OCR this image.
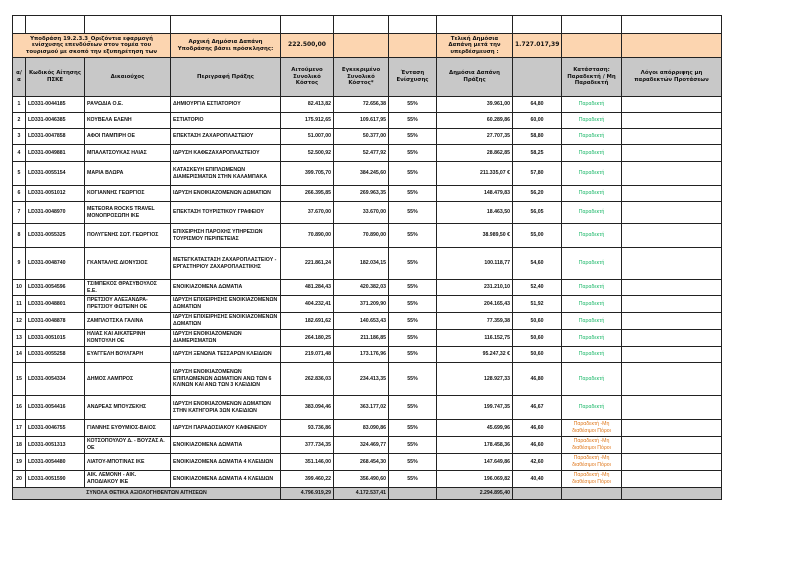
Υποδράση 19.2.3.3_Οριζόντια εφαρμογή ενίσχυσης επενδύσεων στον τομέα του τουρισμού με σκοπό την εξυπηρέτηση των			Αρχική Δημόσια Δαπάνη Υποδράσης βάσει πρόσκλησης:	222.500,00			Τελική Δημόσια Δαπάνη μετά την υπερδέσμευση :	1.727.017,39		
α/α	Κωδικός Αίτησης ΠΣΚΕ	Δικαιούχος	Περιγραφή Πράξης	Αιτούμενο Συνολικό Κόστος	Εγκεκριμένο Συνολικό Κόστος*	Ένταση Ενίσχυσης	Δημόσια Δαπάνη Πράξης		Κατάσταση: Παραδεκτή / Μη Παραδεκτή	Λόγοι απόρριψης μη παραδεκτών Προτάσεων
1	LD331-0044185	ΡΑΨΩΔΙΑ Ο.Ε.	ΔΗΜΙΟΥΡΓΙΑ ΕΣΤΙΑΤΟΡΙΟΥ	82.413,82	72.656,38	55%	39.961,00	64,80	Παραδεκτή	
2	LD331-0046385	ΚΟΥΒΕΛΑ ΕΛΕΝΗ	ΕΣΤΙΑΤΟΡΙΟ	175.912,65	109.617,95	55%	60.289,86	60,00	Παραδεκτή	
3	LD331-0047858	ΑΦΟΙ ΠΑΜΠΙΡΗ ΟΕ	ΕΠΕΚΤΑΣΗ ΖΑΧΑΡΟΠΛΑΣΤΕΙΟΥ	51.007,00	50.377,00	55%	27.707,35	58,80	Παραδεκτή	
4	LD331-0049881	ΜΠΑΛΑΤΣΟΥΚΑΣ ΗΛΙΑΣ	ΙΔΡΥΣΗ ΚΑΦΕΖΑΧΑΡΟΠΛΑΣΤΕΙΟΥ	52.500,92	52.477,92	55%	28.862,85	58,25	Παραδεκτή	
5	LD331-0055154	ΜΑΡΙΑ ΒΛΩΡΑ	ΚΑΤΑΣΚΕΥΗ ΕΠΙΠΛΩΜΕΝΩΝ ΔΙΑΜΕΡΙΣΜΑΤΩΝ ΣΤΗΝ ΚΑΛΑΜΠΑΚΑ	399.705,70	384.245,60	55%	211.335,07 €	57,80	Παραδεκτή	
6	LD331-0051012	ΚΟΓΙΑΝΝΗΣ ΓΕΩΡΓΙΟΣ	ΙΔΡΥΣΗ ΕΝΟΙΚΙΑΖΟΜΕΝΩΝ ΔΩΜΑΤΙΩΝ	266.395,85	269.963,35	55%	148.479,83	56,20	Παραδεκτή	
7	LD331-0048970	METEORA ROCKS TRAVEL ΜΟΝΟΠΡΟΣΩΠΗ ΙΚΕ	ΕΠΕΚΤΑΣΗ ΤΟΥΡΙΣΤΙΚΟΥ ΓΡΑΦΕΙΟΥ	37.670,00	33.670,00	55%	18.463,50	56,05	Παραδεκτή	
8	LD331-0055325	ΠΟΛΥΓΕΝΗΣ ΣΩΤ. ΓΕΩΡΓΙΟΣ	ΕΠΙΧΕΙΡΗΣΗ ΠΑΡΟΧΗΣ ΥΠΗΡΕΣΙΩΝ ΤΟΥΡΙΣΜΟΥ ΠΕΡΙΠΕΤΕΙΑΣ	70.890,00	70.890,00	55%	38.989,50 €	55,00	Παραδεκτή	
9	LD331-0048740	ΓΚΑΝΤΑΛΗΣ ΔΙΟΝΥΣΙΟΣ	ΜΕΤΕΓΚΑΤΑΣΤΑΣΗ ΖΑΧΑΡΟΠΛΑΣΤΕΙΟΥ - ΕΡΓΑΣΤΗΡΙΟΥ ΖΑΧΑΡΟΠΛΑΣΤΙΚΗΣ	221.861,24	182.034,15	55%	100.118,77	54,60	Παραδεκτή	
10	LD331-0054596	ΤΣΙΜΠΕΚΟΣ ΘΡΑΣΥΒΟΥΛΟΣ Ε.Ε.	ΕΝΟΙΚΙΑΖΟΜΕΝΑ ΔΩΜΑΤΙΑ	481.284,43	420.382,03	55%	231.210,10	52,40	Παραδεκτή	
11	LD331-0048801	ΠΡΕΤΣΙΟΥ ΑΛΕΞΑΝΔΡΑ-ΠΡΕΤΣΙΟΥ ΦΩΤΕΙΝΗ ΟΕ	ΙΔΡΥΣΗ ΕΠΙΧΕΙΡΗΣΗΣ ΕΝΟΙΚΙΑΖΟΜΕΝΩΝ ΔΩΜΑΤΙΩΝ	404.232,41	371.209,90	55%	204.165,43	51,92	Παραδεκτή	
12	LD331-0048878	ΖΑΜΠΛΟΤΣΚΑ ΓΑΛΙΝΑ	ΙΔΡΥΣΗ ΕΠΙΧΕΙΡΗΣΗΣ ΕΝΟΙΚΙΑΖΟΜΕΝΩΝ ΔΩΜΑΤΙΩΝ	182.691,62	140.653,43	55%	77.359,38	50,60	Παραδεκτή	
13	LD331-0051015	ΗΛΙΑΣ ΚΑΙ ΑΙΚΑΤΕΡΙΝΗ ΚΟΝΤΟΥΛΗ ΟΕ	ΙΔΡΥΣΗ ΕΝΟΙΚΙΑΖΟΜΕΝΩΝ ΔΙΑΜΕΡΙΣΜΑΤΩΝ	264.180,25	211.186,85	55%	116.152,75	50,60	Παραδεκτή	
14	LD331-0055258	ΕΥΑΓΓΕΛΗ ΒΟΥΛΓΑΡΗ	ΙΔΡΥΣΗ ΞΕΝΩΝΑ ΤΕΣΣΑΡΩΝ ΚΛΕΙΔΙΩΝ	219.071,48	173.176,96	55%	95.247,32 €	50,60	Παραδεκτή	
15	LD331-0054334	ΔΗΜΟΣ ΛΑΜΠΡΟΣ	ΙΔΡΥΣΗ ΕΝΟΙΚΙΑΖΟΜΕΝΩΝ ΕΠΙΠΛΩΜΕΝΩΝ ΔΩΜΑΤΙΩΝ ΑΝΩ ΤΩΝ 6 ΚΛΙΝΩΝ ΚΑΙ ΑΝΩ ΤΩΝ 3 ΚΛΕΙΔΙΩΝ	262.836,03	234.413,35	55%	128.927,33	46,80	Παραδεκτή	
16	LD331-0054416	ΑΝΔΡΕΑΣ ΜΠΟΥΖΕΚΗΣ	ΙΔΡΥΣΗ ΕΝΟΙΚΙΑΖΟΜΕΝΩΝ ΔΩΜΑΤΙΩΝ ΣΤΗΝ ΚΑΤΗΓΟΡΙΑ 3ΩΝ ΚΛΕΙΔΙΩΝ	383.094,46	363.177,02	55%	199.747,35	46,67	Παραδεκτή	
17	LD331-0046755	ΓΙΑΝΝΗΣ ΕΥΘΥΜΙΟΣ-ΒΑΙΟΣ	ΙΔΡΥΣΗ ΠΑΡΑΔΟΣΙΑΚΟΥ ΚΑΦΕΝΕΙΟΥ	93.736,86	83.090,86	55%	45.699,96	46,60	Παραδεκτή -Μη διαθέσιμοι Πόροι	
18	LD331-0051313	ΚΟΤΣΟΠΟΥΛΟΥ Δ. - ΒΟΥΖΑΣ Α. ΟΕ	ΕΝΟΙΚΙΑΖΟΜΕΝΑ ΔΩΜΑΤΙΑ	377.734,35	324.469,77	55%	178.458,36	46,60	Παραδεκτή -Μη διαθέσιμοι Πόροι	
19	LD331-0054480	ΛΙΑΤΟΥ-ΜΠΟΤΙΝΑΣ ΙΚΕ	ΕΝΟΙΚΙΑΖΟΜΕΝΑ ΔΩΜΑΤΙΑ 4 ΚΛΕΙΔΙΩΝ	351.146,00	268.454,30	55%	147.649,86	42,60	Παραδεκτή -Μη διαθέσιμοι Πόροι	
20	LD331-0051590	ΑΙΚ. ΛΕΜΟΝΗ - ΑΙΚ. ΑΠΟΔΙΑΚΟΥ ΙΚΕ	ΕΝΟΙΚΙΑΖΟΜΕΝΑ ΔΩΜΑΤΙΑ 4 ΚΛΕΙΔΙΩΝ	399.460,22	356.490,60	55%	196.069,82	40,40	Παραδεκτή -Μη διαθέσιμοι Πόροι	
ΣΥΝΟΛΑ ΘΕΤΙΚΑ ΑΞΙΟΛΟΓΗΘΕΝΤΩΝ ΑΙΤΗΣΕΩΝ				4.796.919,29	4.172.537,41		2.294.895,40			
